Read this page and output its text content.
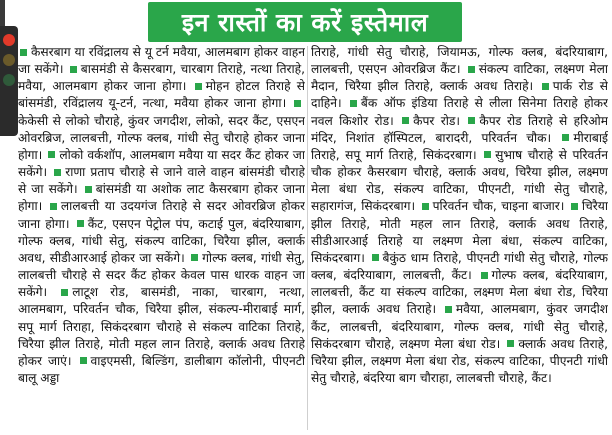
इन रास्तों का करें इस्तेमाल

कैसरबाग या रविंद्रालय से यू टर्न मवैया, आलमबाग होकर वाहन जा सकेंगे। बासमंडी से कैसरबाग, चारबाग तिराहे, नत्था तिराहे, मवैया, आलमबाग होकर जाना होगा। मोहन होटल तिराहे से बांसमंडी, रविंद्रालय यू-टर्न, नत्था, मवैया होकर जाना होगा। केकेसी से लोको चौराहे, कुंवर जगदीश, लोको, सदर कैंट, एसएन ओवरब्रिज, लालबत्ती, गोल्फ क्लब, गांधी सेतु चौराहे होकर जाना होगा। लोको वर्कशॉप, आलमबाग मवैया या सदर कैंट होकर जा सकेंगे। राणा प्रताप चौराहे से जाने वाले वाहन बांसमंडी चौराहे से जा सकेंगे। बांसमंडी या अशोक लाट कैसरबाग होकर जाना होगा। लालबत्ती या उदयगंज तिराहे से सदर ओवरब्रिज होकर जाना होगा। कैंट, एसएन पेट्रोल पंप, कटाई पुल, बंदरियाबाग, गोल्फ क्लब, गांधी सेतु, संकल्प वाटिका, चिरैया झील, क्लार्क अवध, सीडीआरआई होकर जा सकेंगे। गोल्फ क्लब, गांधी सेतु, लालबत्ती चौराहे से सदर कैंट होकर केवल पास धारक वाहन जा सकेंगे। लाटूश रोड, बासमंडी, नाका, चारबाग, नत्था, आलमबाग, परिवर्तन चौक, चिरैया झील, संकल्प-मीराबाई मार्ग, सपू मार्ग तिराहा, सिकंदरबाग चौराहे से संकल्प वाटिका तिराहे, चिरैया झील तिराहे, मोती महल लान तिराहे, क्लार्क अवध तिराहे होकर जाएं। वाइएमसी, बिल्डिंग, डालीबाग कॉलोनी, पीएनटी बालू अड्डा

तिराहे, गांधी सेतु चौराहे, जियामऊ, गोल्फ क्लब, बंदरियाबाग, लालबत्ती, एसएन ओवरब्रिज कैंट। संकल्प वाटिका, लक्ष्मण मेला मैदान, चिरैया झील तिराहे, क्लार्क अवध तिराहे। पार्क रोड से दाहिने। बैंक ऑफ इंडिया तिराहे से लीला सिनेमा तिराहे होकर नवल किशोर रोड। कैपर रोड। कैपर रोड तिराहे से हरिओम मंदिर, निशांत हॉस्पिटल, बारादरी, परिवर्तन चौक। मीराबाई तिराहे, सपू मार्ग तिराहे, सिकंदरबाग। सुभाष चौराहे से परिवर्तन चौक होकर कैसरबाग चौराहे, क्लार्क अवध, चिरैया झील, लक्ष्मण मेला बंधा रोड, संकल्प वाटिका, पीएनटी, गांधी सेतु चौराहे, सहारागंज, सिकंदरबाग। परिवर्तन चौक, चाइना बाजार। चिरैया झील तिराहे, मोती महल लान तिराहे, क्लार्क अवध तिराहे, सीडीआरआई तिराहे या लक्ष्मण मेला बंधा, संकल्प वाटिका, सिकंदरबाग। बैकुंठ धाम तिराहे, पीएनटी गांधी सेतु चौराहे, गोल्फ क्लब, बंदरियाबाग, लालबत्ती, कैंट। गोल्फ क्लब, बंदरियाबाग, लालबत्ती, कैंट या संकल्प वाटिका, लक्ष्मण मेला बंधा रोड, चिरैया झील, क्लार्क अवध तिराहे। मवैया, आलमबाग, कुंवर जगदीश कैंट, लालबत्ती, बंदरियाबाग, गोल्फ क्लब, गांधी सेतु चौराहे, सिकंदरबाग चौराहे, लक्ष्मण मेला बंधा रोड। क्लार्क अवध तिराहे, चिरैया झील, लक्ष्मण मेला बंधा रोड, संकल्प वाटिका, पीएनटी गांधी सेतु चौराहे, बंदरिया बाग चौराहा, लालबत्ती चौराहे, कैंट।
